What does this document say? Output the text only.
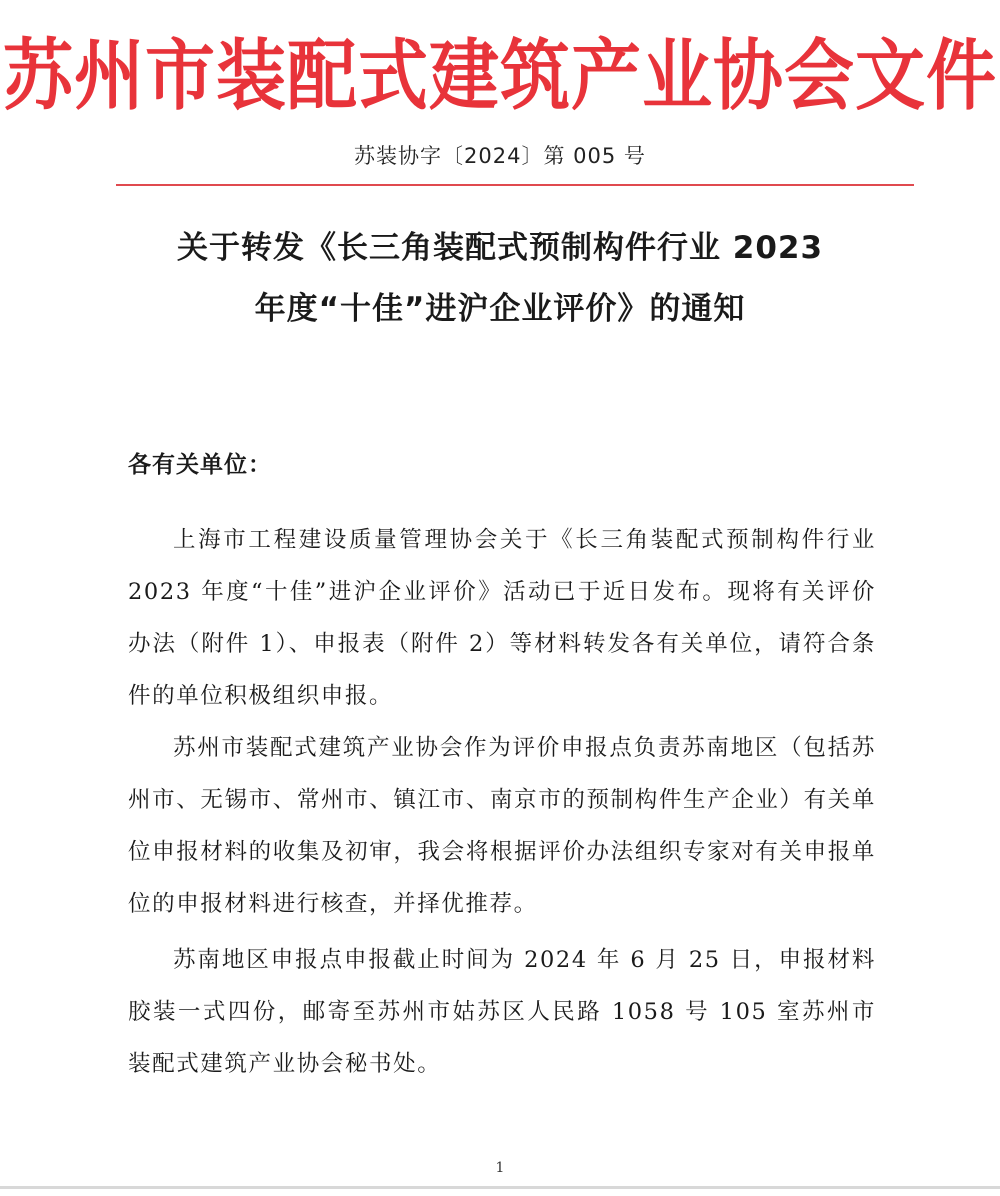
苏州市装配式建筑产业协会文件
苏装协字〔2024〕第 005 号
关于转发《长三角装配式预制构件行业 2023
年度“十佳”进沪企业评价》的通知
各有关单位：

上海市工程建设质量管理协会关于《长三角装配式预制构件行业 2023 年度“十佳”进沪企业评价》活动已于近日发布。现将有关评价办法（附件 1）、申报表（附件 2）等材料转发各有关单位，请符合条件的单位积极组织申报。

苏州市装配式建筑产业协会作为评价申报点负责苏南地区（包括苏州市、无锡市、常州市、镇江市、南京市的预制构件生产企业）有关单位申报材料的收集及初审，我会将根据评价办法组织专家对有关申报单位的申报材料进行核查，并择优推荐。

苏南地区申报点申报截止时间为 2024 年 6 月 25 日，申报材料胶装一式四份，邮寄至苏州市姑苏区人民路 1058 号 105 室苏州市装配式建筑产业协会秘书处。

1
